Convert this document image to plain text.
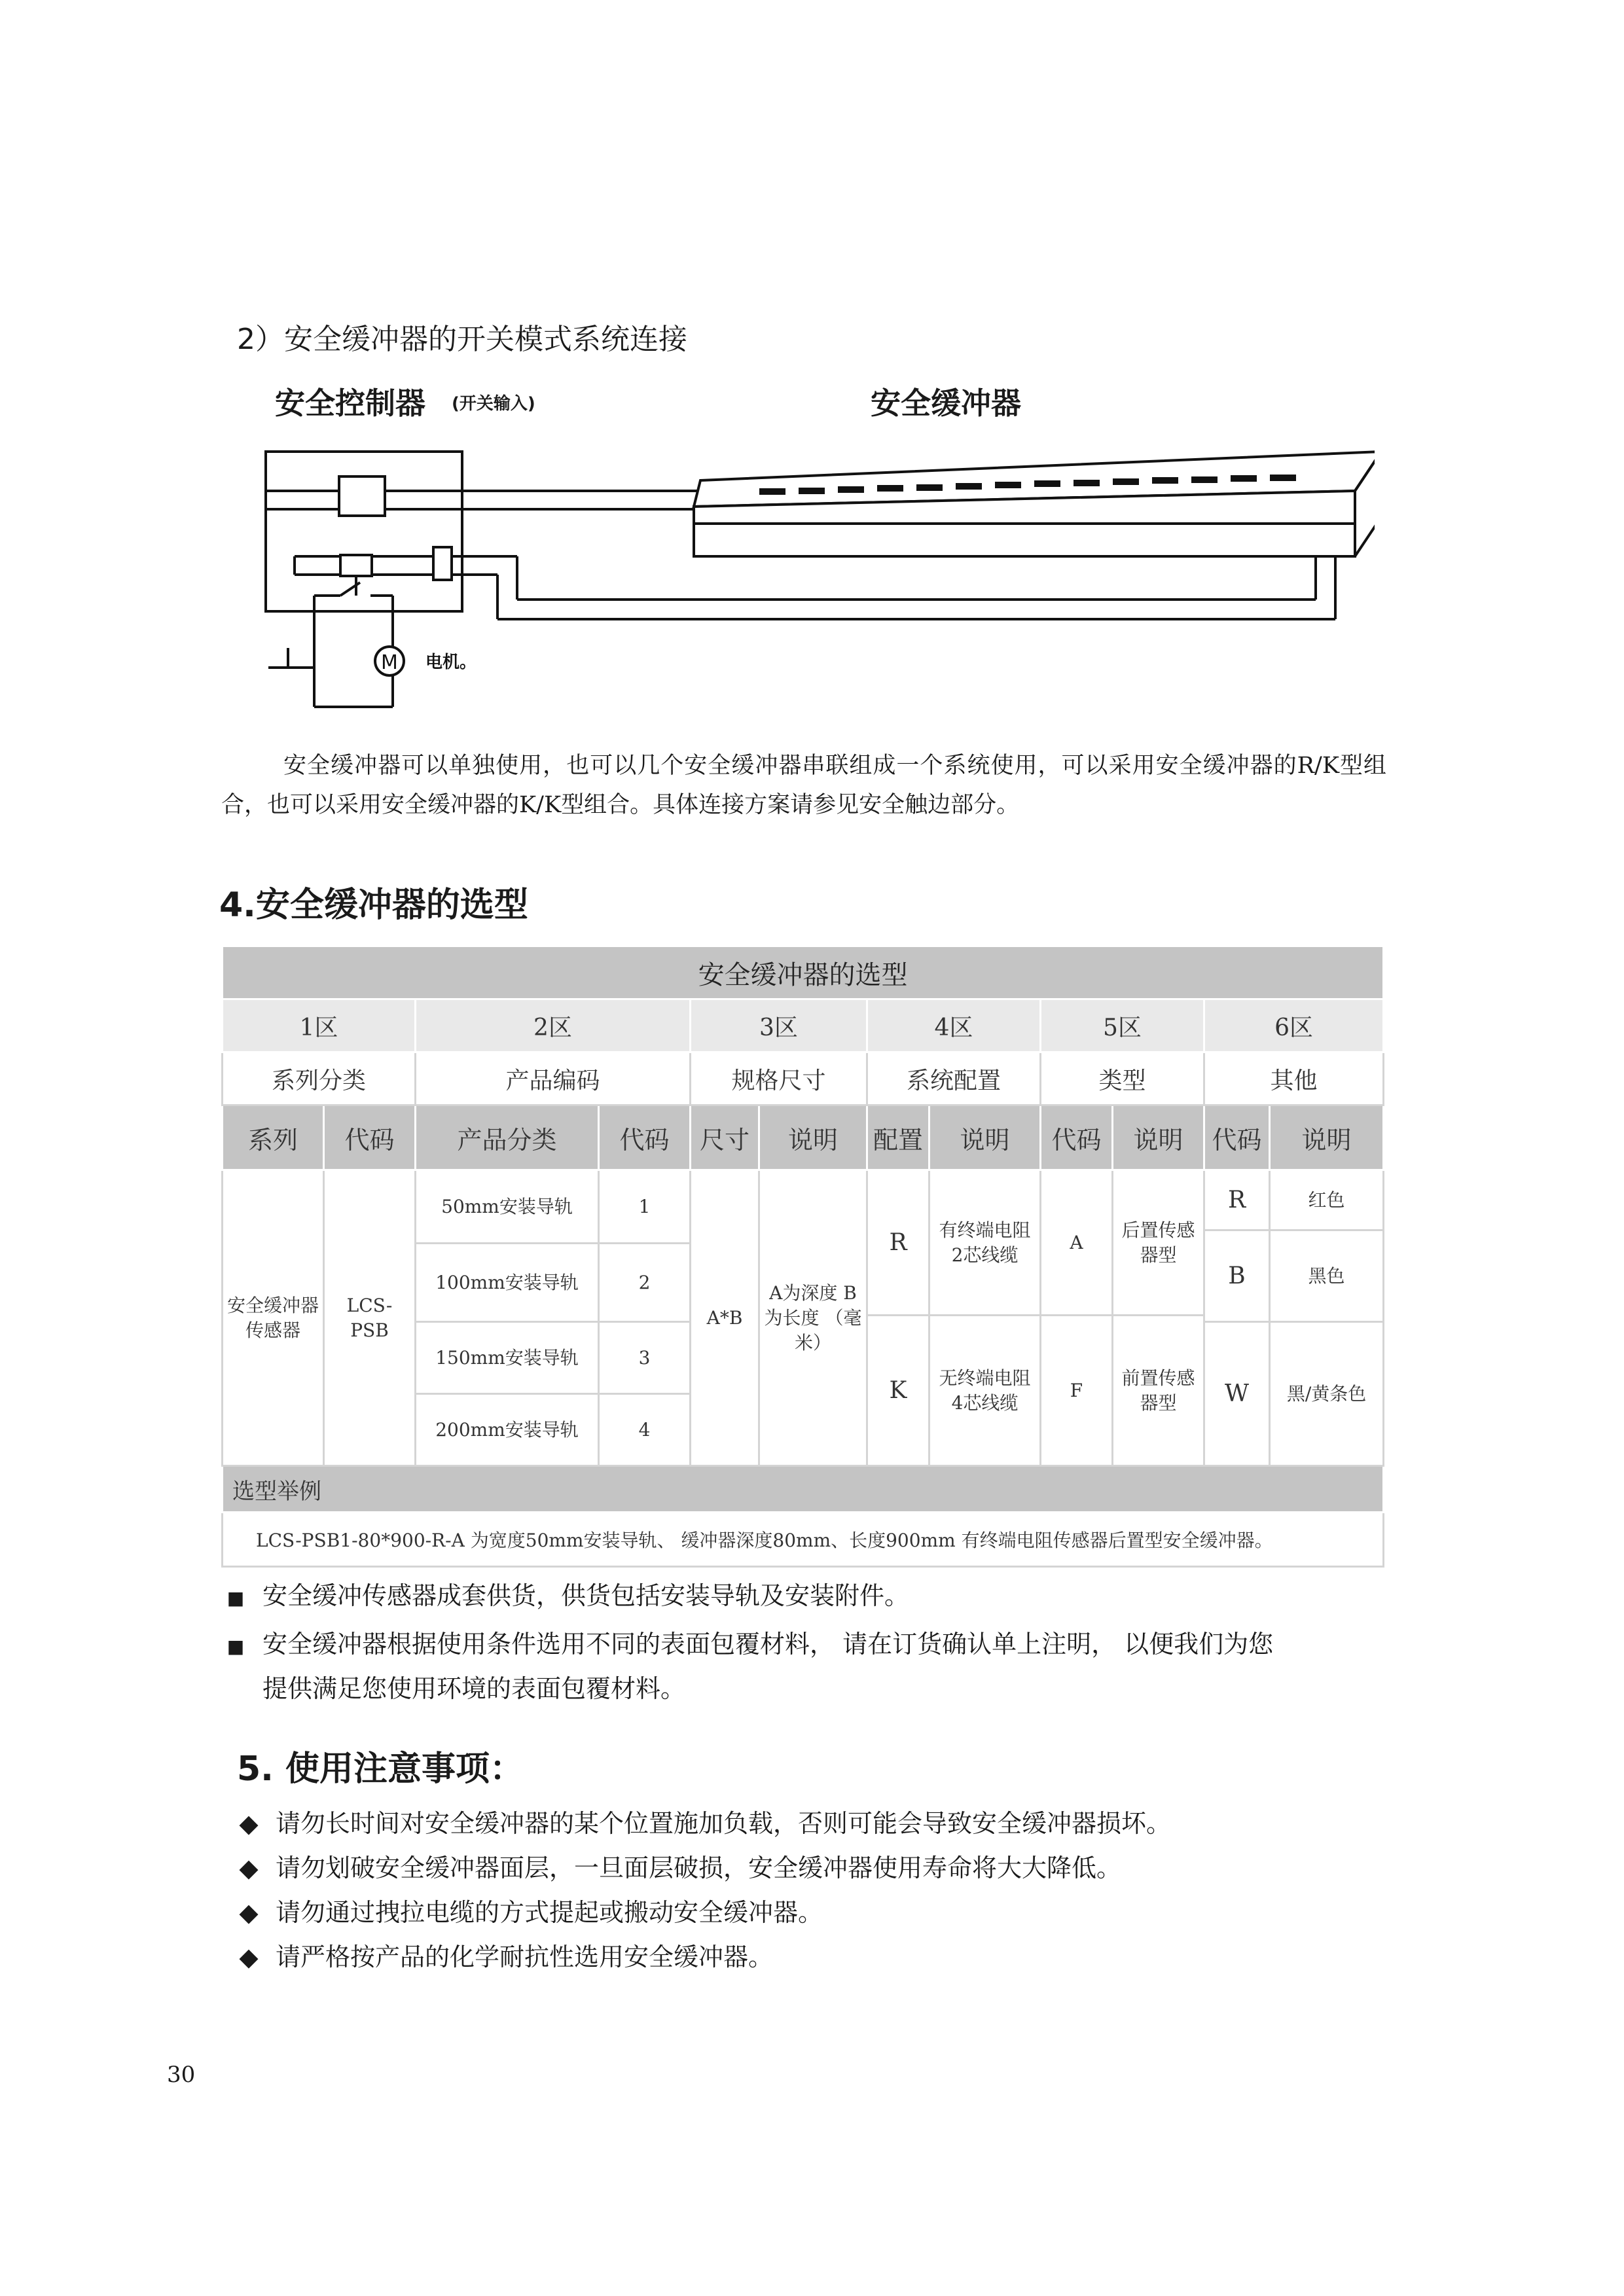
2）安全缓冲器的开关模式系统连接
安全控制器 (开关输入)	安全缓冲器
M 电机。
安全缓冲器可以单独使用，也可以几个安全缓冲器串联组成一个系统使用，可以采用安全缓冲器的R/K型组合，也可以采用安全缓冲器的K/K型组合。具体连接方案请参见安全触边部分。
4.安全缓冲器的选型
安全缓冲器的选型											
1区		2区		3区		4区		5区		6区	
系列分类		产品编码		规格尺寸		系统配置		类型		其他	
系列	代码	产品分类	代码	尺寸	说明	配置	说明	代码	说明	代码	说明
安全缓冲器传感器	LCS-PSB	50mm安装导轨	1	A*B	A为深度 B为长度 （毫米）	R	有终端电阻2芯线缆	A	后置传感器型	R	红色
										B	黑色
		100mm安装导轨	2								
						K	无终端电阻 4芯线缆	F	前置传感器型		
		150mm安装导轨	3							W	黑/黄条色
		200mm安装导轨	4								
选型举例											
LCS-PSB1-80*900-R-A 为宽度50mm安装导轨、 缓冲器深度80mm、长度900mm 有终端电阻传感器后置型安全缓冲器。											
■ 安全缓冲传感器成套供货，供货包括安装导轨及安装附件。
■ 安全缓冲器根据使用条件选用不同的表面包覆材料， 请在订货确认单上注明， 以便我们为您提供满足您使用环境的表面包覆材料。
5. 使用注意事项：
◆ 请勿长时间对安全缓冲器的某个位置施加负载，否则可能会导致安全缓冲器损坏。
◆ 请勿划破安全缓冲器面层，一旦面层破损，安全缓冲器使用寿命将大大降低。
◆ 请勿通过拽拉电缆的方式提起或搬动安全缓冲器。
◆ 请严格按产品的化学耐抗性选用安全缓冲器。
30
